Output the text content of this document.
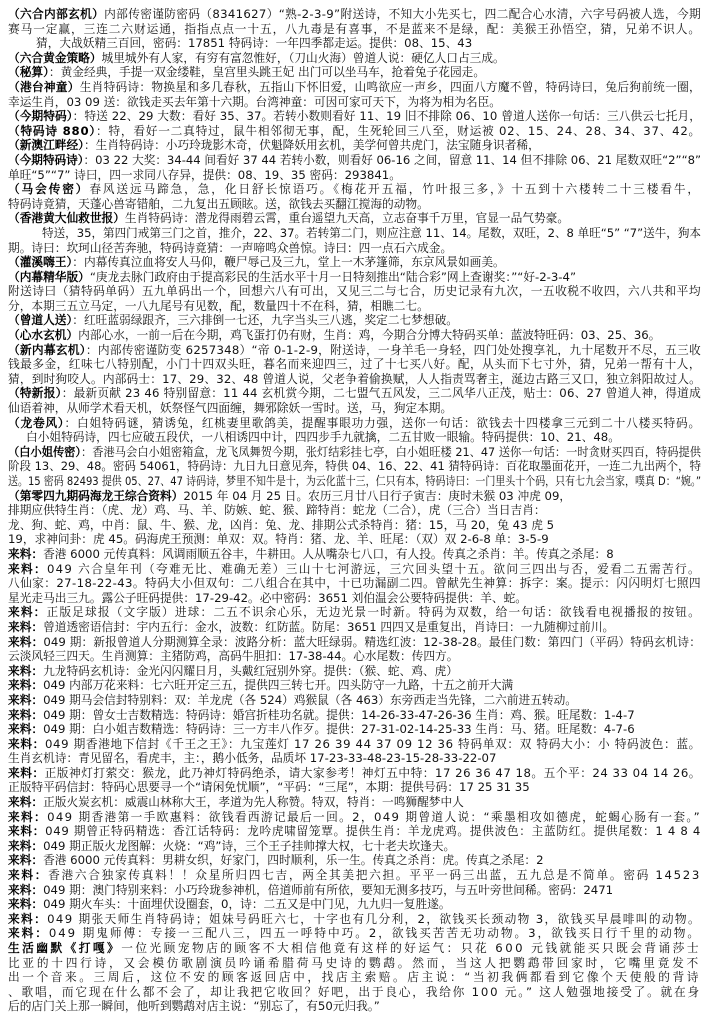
（六合内部玄机）内部传密谨防密码（8341627）“熟-2-3-9”附送诗，不知大小先买七，四二配合心水清，六字号码被人选，今期
赛马一定赢，三连二六财运通，指指点点一十五，八九毒是有喜事，不是蓝来不是绿，配：美猴王孙悟空，猜，兄弟不识人。
猜，大战妖精三百回，密码：17851 特码诗：一年四季都走运。提供：08、15、43
（六合黄金策略）城里城外有人家，有穷有富忽惟好，（刀山火海）曾道人说：硬亿人口占三成。
（秘算）：黄金经典，手提一双金缕鞋，皇宫里头跳王妃 出门可以坐马车，抢着兔子花园走。
（港台神童）生肖特码诗：物换星和多几春秋，五指山下怀旧爱，山鸣欲应一声乡，四面八方魔不曾，特码诗曰，兔后狗前统一圈，
幸运生肖，03 09 送：欲钱走买去年第十六期。台湾神童：可因可家可天下，为将为相为名臣。
（今期特码）：特送 22、29 大数：看好 35、37。若转小数则看好 11、19 旧不排除 06、10 曾道人送你一句话：三八供云七托月，
（特码诗 880）：特，看好一二真特过，鼠牛相邻彻无事，配，生死轮回三八至，财运被 02、15、24、28、34、37、42。
（新澳江畔经）：生肖特码诗：小巧玲珑影木奇，伏魁降妖用玄机，美学何曾共虎门，法宝随身识者稀，
（今期特码诗）：03 22 大奖：34-44 间看好 37 44 若转小数，则看好 06-16 之间，留意 11、14 但不排除 06、21 尾数双旺“2”“8”
单旺“5”“7” 诗曰，四一求同八存异，提供：08、19、35 密码：293841。
（马会传密）春风送远马蹄急，急，化日舒长惊语巧。《梅花开五福，竹叶报三多，》十五到十六楼转二十三楼看牛，
特码诗竟猜，天蓬心兽寄错舶，二九复出五顾眩。送，欲钱去买翻江搅海的动物。
（香港黄大仙救世报）生肖特码诗：潜龙得雨碧云霄，重台遥望九天高，立志奋事千万里，官显一品气势豪。
特送，35，第四门戒第三门之首，推介，22、37。若转第二门，则应注意 11、14。尾数，双旺，2、8 单旺“5” “7”送牛，狗本
期。诗曰：坎珂山径苦奔驰，特码诗竟猜：一声啼鸣众兽惊。诗曰：四一点石六成金。
（灌溪嗨王）：内幕传真泣血将安人马仰，鞭尸辱己及三九，堂上一木茅篷筛，东京风景如画美。
（内幕精华版）“庚龙去脉门政府由于提高彩民的生活水平十月一日特刻推出“陆合彩”网上查谢奖：”“好-2-3-4”
附送诗曰（猜特码单码）五九单码出一个，回想六八有可出，又见三二与七合，历史记录有九次，一五收税不收四，六八共和平均
分，本期三五立马定，一八九尾号有见数，配，数量四十不在科，猜，相瞧二七。
（曾道人送）：红旺蓝弱绿跟齐，三六排倒一七还，九字当头三八逃，奖定二七梦想破。
（心水玄机）内部心水，一前一后在今期，鸡飞蛋打仍有财，生肖：鸡，今期合分博大特码买单：蓝波特旺码：03、25、36。
（新内幕玄机）：内部传密谨防变 6257348）“帝 0-1-2-9，附送诗，一身羊毛一身轻，四门处处搜享礼，九十尾数开不尽，五三收
钱最多金，红味七八特别配，小门十四双头旺，暮名而来迎四三，过了十七买八好。配，从头而下七寸外，猜，兄弟一帮有十人，
猜，到时狗咬人。内部码士：17、29、32、48 曾道人说，父老争着偷换赋，人人指责骂奢主，涎边古路三又口，独立斜阳故过人。
（特新报）：最新页献 23 46 特别留意：11 44 玄机赏今期，二七盟气五风发，三二风华八正茂，贴士：06、27 曾道人神，得道成
仙语着神，从师学术看天机，妖祭怪气四面缠，舞邪除妖一雪时。送，马，狗定本期。
（龙卷风）：白姐特码谜，猜诱兔，红桃妻里歌鸽美，提醒事眼功力强，送你一句话：欲钱去十四楼拿三元到二十八楼买特码。
白小姐特码诗，四七应破五段伏，一八相诱四中计，四四步手九就擒，二五甘败一眼输。特码提供：10、21、48。
（白小姐传密）：香港马会白小姐密箱盒，龙飞凤舞贺今期，张灯结彩挂七亭，白小姐旺楼 21、47 送你一句话：一时贪财买四百，特码提供
阶段 13、29、48。密码 54061，特码诗：九日九日意见奔，特供 04、16、22、41 猜特码诗：百花取墨面花开，一连二九出两个，特
送。15 密码 82493 提供 05、27、47 诗码诗，梦里不知牛是十，为云化蓝十三，仁只有本，特码诗曰：一门里头十个码，只有七九会当家，噗真 D：“婉。”
（第零四九期码海龙王综合资料）2015 年 04 月 25 日。农历三月廿八日行子寅吉：庚时未猴 03 冲虎 09，
排期应供特生肖：（虎、龙）鸡、马、羊、防嫉、蛇、猴、蹄特肖：蛇龙（二合），虎（三合）当日吉肖：
龙、狗、蛇、鸡，中肖：鼠、牛、猴、龙，凶肖：兔、龙、排期公式杀特肖：猪：15，马 20，兔 43 虎 5
19，求神问卦：虎 45。码海虎王预测：单双：双。特肖：猪、龙、羊、旺尾：（双）双 2-6-8 单：3-5-9
来料：香港 6000 元传真料：风调雨顺五谷丰，牛耕田。人从嘴杂七八口，有人投。传真之杀肖：羊。传真之杀尾：8
来料：049 六合皇年刊（夸难无比、难确无差）三山十七河游远，三穴回头望十五。欲问三四出与否，爱看二五需苦行。
八仙家：27-18-22-43。特码大小但双句：二八组合在其中，十已功漏副二四。曾献先生神算：拆字：案。提示：闪闪明灯七照四
星光走马出三九。露公子旺码提供：17-29-42。必中密码：3651 刘伯温会公要特码提供：羊、蛇。
来料：正版足球报（文字版）进球：二五不识余心乐，无边光景一时新。特码为双数，给一句话：欲钱看电视播报的按钮。
来料：曾道透密语信封：宇内五行：金水，波数：红防蓝。防尾：3651 四四又是重复出，肖诗曰：一九随柳过前川。
来料：049 期：新报曾道人分期测算全录：波路分析：蓝大旺绿弱。精选红波：12-38-28。最佳门数：第四门（平码）特码玄机诗：
云淡风轻三四天。生肖测算：主猪防鸡，高码牛胆扣：17-38-44。心水尾数：传四方。
来料：九龙特码玄机诗：金光闪闪耀日月，头戴红冠别外穿。提供：（猴、蛇、鸡、虎）
来料：049 内部万花来料：七六旺开定三五，提供四三转七开。四头防守一九路，十五之前开大满
来料：049 期马会信封特别料：双：羊龙虎（各 524）鸡猴鼠（各 463）东旁西走当先锋，二六前进五转动。
来料：049 期：曾女士吉数精选：特码诗：婚宫折桂功名就。提供：14-26-33-47-26-36 生肖：鸡、猴。旺尾数：1-4-7
来料：049 期：白小姐吉数精选：特码诗：三一方丰八作歹。提供：27-31-02-14-25-33 生肖：马、猪。旺尾数：4-7-6
来料：049 期香港地下信封《千王之王》：九宝莲灯 17 26 39 44 37 09 12 36 特码单双：双 特码大小：小 特码波色：蓝。
生肖玄机诗：青见留名，看虎丰，主：，鹅小低务，品质坏 17-23-33-48-23-15-28-33-22-07
来料：正版神灯打萦交：猴龙，此乃神灯特码绝杀，请大家参考！神灯五中特：17 26 36 47 18。五个平：24 33 04 14 26。
正版特平码信封：特码心思要寻一个“请闲免忧顺”，“平码：“三尾”，本期：提供号码：17 25 31 35
来料：正版火炭玄机：威震山林称大王，孝道为先人称赞。特双，特肖：一鸣狮醒梦中人
来料：049 期香港第一手欧惠料：欲钱看西游记最后一回。2，049 期曾道人说：“乘墨相攻如德虎，蛇蝎心肠有一套。”
来料：049 期曾正特码精选：香江话特码：龙吟虎啸留笼覃。提供生肖：羊龙虎鸡。提供波色：主蓝防红。提供尾数：1 4 8 4
来料：049 期正版火龙图解：火烧：“鸡”诗，三个王子挂帅撑大权，七十老夫坎逢夫。
来料：香港 6000 元传真料：男耕女织，好家门，四时顺利，乐一生。传真之杀肖：虎。传真之杀尾：2
来料：香港六合独家传真料！！众星所归四七吉，两全其美把六担。平平一码三出蓝，五九总是不简单。密码 14523
来料：049 期：澳门特别来料：小巧玲珑参神机，倍道师前有所依，要知无测多技巧，与五叶旁世间稀。密码：2471
来料：049 期火车头：十面埋伏设圈套，0，诗：二五又是中门见，九九归一复胜遂。
来料：049 期张天师生肖特码诗；姐妹号码旺六七，十字也有几分利，2，欲钱买长颈动物 3，欲钱买早晨啡叫的动物。
来料：049 期鬼师傅：专接一三配八三，四五一呼特中巧。2，欲钱买苦苦无功动物。3，欲钱买日行千里的动物。
生活幽默《打嘎》一位光顾宠物店的顾客不大相信他竟有这样的好运气：只花 600 元钱就能买只既会背诵莎士
比亚的十四行诗，又会模仿歌剧演员吟诵希腊荷马史诗的鹦鹉。然而，当这人把鹦鹉带回家时，它嘴里竟发不
出一个音来。三周后，这位不安的顾客返回店中，找店主索赔。店主说：“当初我俩都看到它像个天使般的背诗
、歌唱，而它现在什么都不会了，却让我把它收回？好吧，出于良心，我给你 100 元。” 这人勉强地接受了。就在身
后的店门关上那一瞬间，他听到鹦鹉对店主说：“别忘了，有50元归我。”
